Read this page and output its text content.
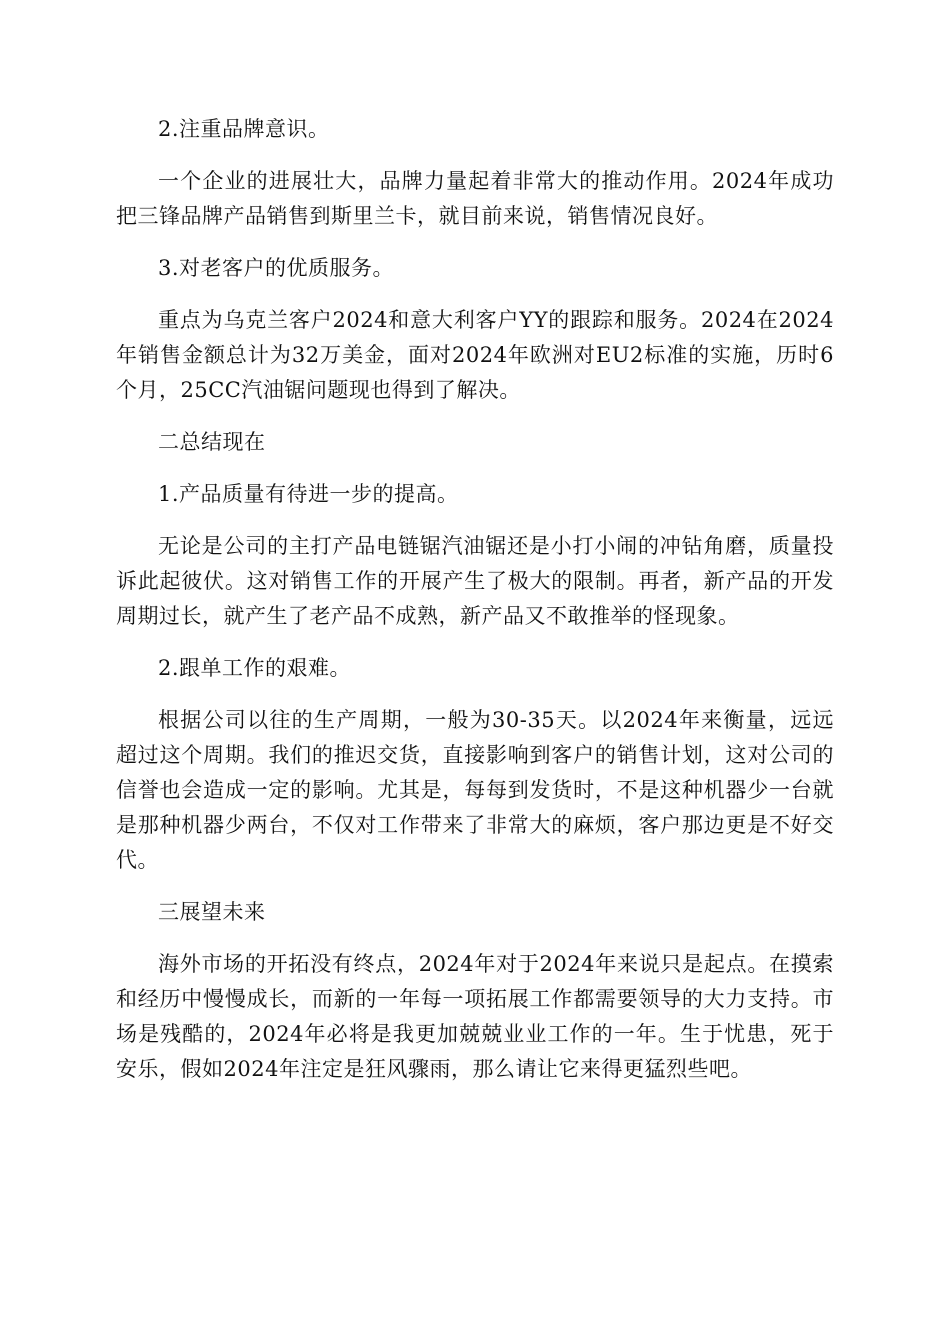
2.注重品牌意识。

一个企业的进展壮大，品牌力量起着非常大的推动作用。2024年成功把三锋品牌产品销售到斯里兰卡，就目前来说，销售情况良好。

3.对老客户的优质服务。

重点为乌克兰客户2024和意大利客户YY的跟踪和服务。2024在2024年销售金额总计为32万美金，面对2024年欧洲对EU2标准的实施，历时6个月，25CC汽油锯问题现也得到了解决。

二总结现在

1.产品质量有待进一步的提高。

无论是公司的主打产品电链锯汽油锯还是小打小闹的冲钻角磨，质量投诉此起彼伏。这对销售工作的开展产生了极大的限制。再者，新产品的开发周期过长，就产生了老产品不成熟，新产品又不敢推举的怪现象。

2.跟单工作的艰难。

根据公司以往的生产周期，一般为30-35天。以2024年来衡量，远远超过这个周期。我们的推迟交货，直接影响到客户的销售计划，这对公司的信誉也会造成一定的影响。尤其是，每每到发货时，不是这种机器少一台就是那种机器少两台，不仅对工作带来了非常大的麻烦，客户那边更是不好交代。

三展望未来

海外市场的开拓没有终点，2024年对于2024年来说只是起点。在摸索和经历中慢慢成长，而新的一年每一项拓展工作都需要领导的大力支持。市场是残酷的，2024年必将是我更加兢兢业业工作的一年。生于忧患，死于安乐，假如2024年注定是狂风骤雨，那么请让它来得更猛烈些吧。
